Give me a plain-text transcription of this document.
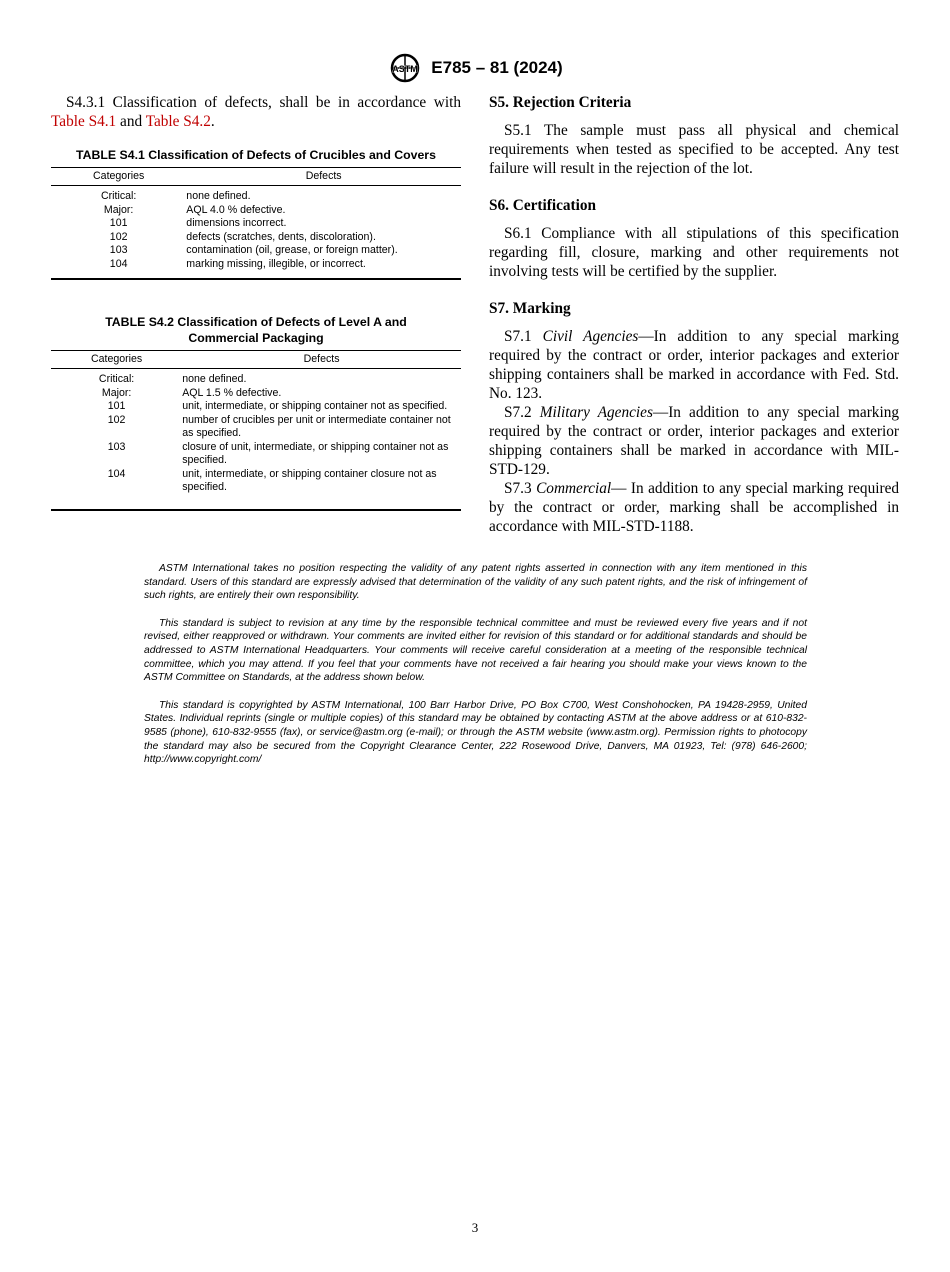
ASTM E785 – 81 (2024)

S4.3.1 Classification of defects, shall be in accordance with Table S4.1 and Table S4.2.

TABLE S4.1 Classification of Defects of Crucibles and Covers
Categories	Defects
Critical:	none defined.
Major:	AQL 4.0 % defective.
101	dimensions incorrect.
102	defects (scratches, dents, discoloration).
103	contamination (oil, grease, or foreign matter).
104	marking missing, illegible, or incorrect.
TABLE S4.2 Classification of Defects of Level A and
Commercial Packaging
Categories	Defects
Critical:	none defined.
Major:	AQL 1.5 % defective.
101	unit, intermediate, or shipping container not as specified.
102	number of crucibles per unit or intermediate container not as specified.
103	closure of unit, intermediate, or shipping container not as specified.
104	unit, intermediate, or shipping container closure not as specified.
S5. Rejection Criteria

S5.1 The sample must pass all physical and chemical requirements when tested as specified to be accepted. Any test failure will result in the rejection of the lot.

S6. Certification

S6.1 Compliance with all stipulations of this specification regarding fill, closure, marking and other requirements not involving tests will be certified by the supplier.

S7. Marking

S7.1 Civil Agencies—In addition to any special marking required by the contract or order, interior packages and exterior shipping containers shall be marked in accordance with Fed. Std. No. 123.

S7.2 Military Agencies—In addition to any special marking required by the contract or order, interior packages and exterior shipping containers shall be marked in accordance with MIL-STD-129.

S7.3 Commercial— In addition to any special marking required by the contract or order, marking shall be accomplished in accordance with MIL-STD-1188.

ASTM International takes no position respecting the validity of any patent rights asserted in connection with any item mentioned in this standard. Users of this standard are expressly advised that determination of the validity of any such patent rights, and the risk of infringement of such rights, are entirely their own responsibility.

This standard is subject to revision at any time by the responsible technical committee and must be reviewed every five years and if not revised, either reapproved or withdrawn. Your comments are invited either for revision of this standard or for additional standards and should be addressed to ASTM International Headquarters. Your comments will receive careful consideration at a meeting of the responsible technical committee, which you may attend. If you feel that your comments have not received a fair hearing you should make your views known to the ASTM Committee on Standards, at the address shown below.

This standard is copyrighted by ASTM International, 100 Barr Harbor Drive, PO Box C700, West Conshohocken, PA 19428-2959, United States. Individual reprints (single or multiple copies) of this standard may be obtained by contacting ASTM at the above address or at 610-832-9585 (phone), 610-832-9555 (fax), or service@astm.org (e-mail); or through the ASTM website (www.astm.org). Permission rights to photocopy the standard may also be secured from the Copyright Clearance Center, 222 Rosewood Drive, Danvers, MA 01923, Tel: (978) 646-2600; http://www.copyright.com/

3
